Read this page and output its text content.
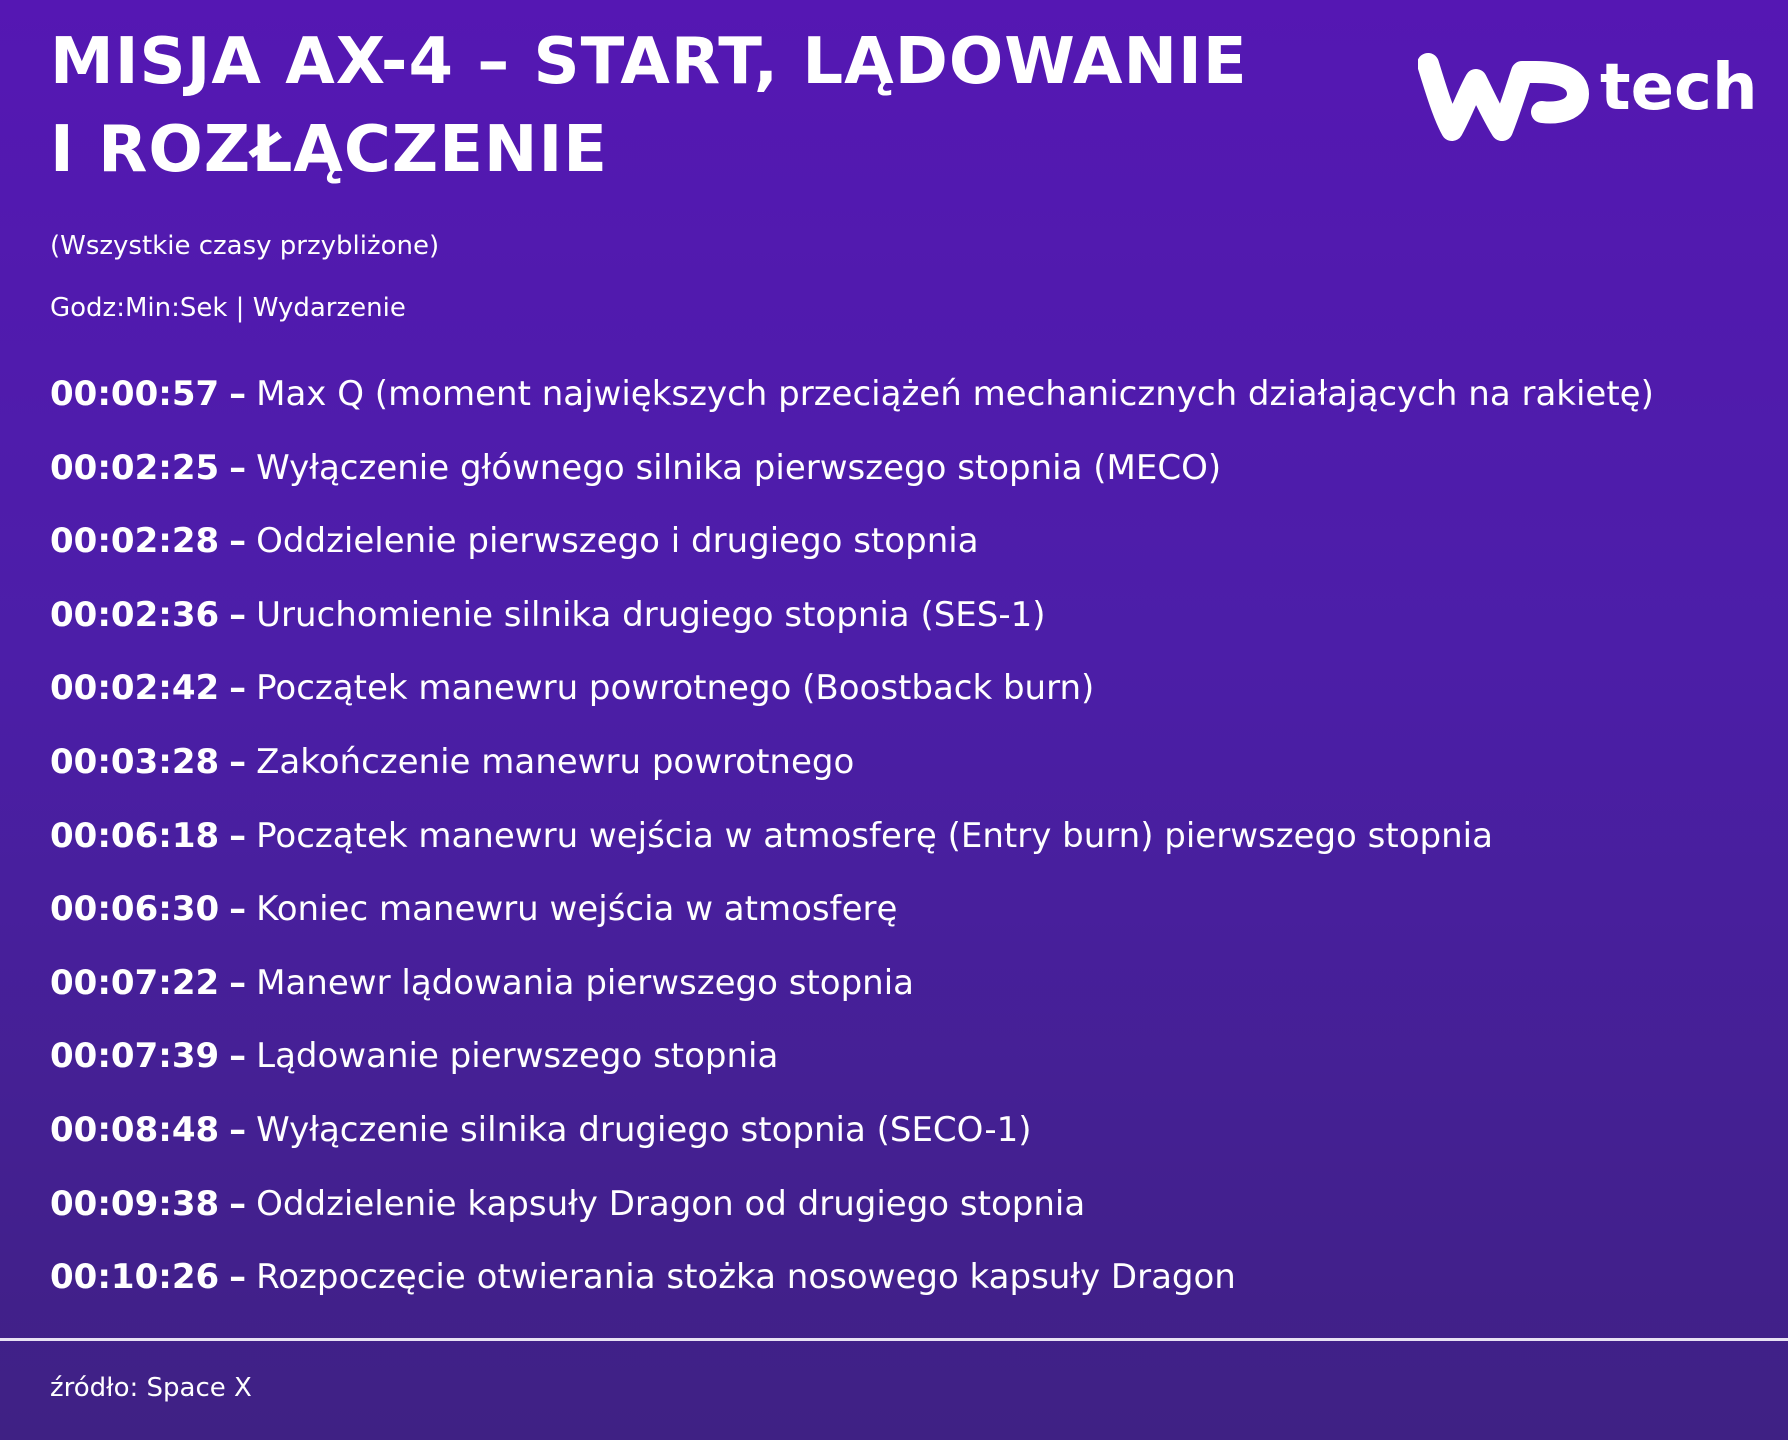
MISJA AX-4 – START, LĄDOWANIE
I ROZŁĄCZENIE
tech
(Wszystkie czasy przybliżone)
Godz:Min:Sek | Wydarzenie
00:00:57 – Max Q (moment największych przeciążeń mechanicznych działających na rakietę)
00:02:25 – Wyłączenie głównego silnika pierwszego stopnia (MECO)
00:02:28 – Oddzielenie pierwszego i drugiego stopnia
00:02:36 – Uruchomienie silnika drugiego stopnia (SES-1)
00:02:42 – Początek manewru powrotnego (Boostback burn)
00:03:28 – Zakończenie manewru powrotnego
00:06:18 – Początek manewru wejścia w atmosferę (Entry burn) pierwszego stopnia
00:06:30 – Koniec manewru wejścia w atmosferę
00:07:22 – Manewr lądowania pierwszego stopnia
00:07:39 – Lądowanie pierwszego stopnia
00:08:48 – Wyłączenie silnika drugiego stopnia (SECO-1)
00:09:38 – Oddzielenie kapsuły Dragon od drugiego stopnia
00:10:26 – Rozpoczęcie otwierania stożka nosowego kapsuły Dragon
źródło: Space X
